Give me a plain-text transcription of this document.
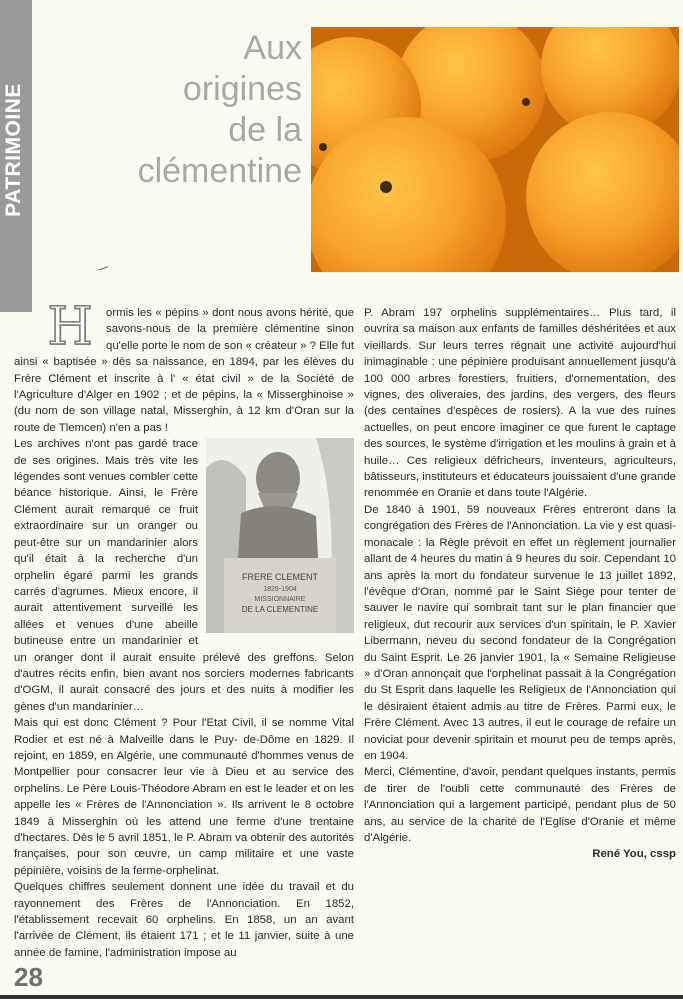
PATRIMOINE
Aux
origines
de la
clémentine

H	ormis les « pépins » dont nous avons hérité, que savons-nous de la première clémentine sinon qu'elle porte le nom de son « créateur » ? Elle fut ainsi « baptisée » dès sa naissance, en 1894, par les élèves du Frère Clément et inscrite à l' « état civil » de la Société de l'Agriculture d'Alger en 1902 ; et de pépins, la « Misserghinoise » (du nom de son village natal, Misserghin, à 12 km d'Oran sur la route de Tlemcen) n'en a pas !

FRERE CLEMENT
1829-1904
MISSIONNAIRE
DE LA CLEMENTINE

Les archives n'ont pas gardé trace de ses origines. Mais très vite les légendes sont venues combler cette béance historique. Ainsi, le Frère Clément aurait remarqué ce fruit extraordinaire sur un oranger ou peut-être sur un mandarinier alors qu'il était à la recherche d'un orphelin égaré parmi les grands carrés d'agrumes. Mieux encore, il aurait attentivement surveillé les allées et venues d'une abeille butineuse entre un mandarinier et un oranger dont il aurait ensuite prélevé des greffons. Selon d'autres récits enfin, bien avant nos sorciers modernes fabricants d'OGM, il aurait consacré des jours et des nuits à modifier les gènes d'un mandarinier…

Mais qui est donc Clément ? Pour l'Etat Civil, il se nomme Vital Rodier et est né à Malveille dans le Puy- de-Dôme en 1829. Il rejoint, en 1859, en Algérie, une communauté d'hommes venus de Montpellier pour consacrer leur vie à Dieu et au service des orphelins. Le Père Louis-Théodore Abram en est le leader et on les appelle les « Frères de l'Annonciation ». Ils arrivent le 8 octobre 1849 à Misserghin où les attend une ferme d'une trentaine d'hectares. Dès le 5 avril 1851, le P. Abram va obtenir des autorités françaises, pour son œuvre, un camp militaire et une vaste pépinière, voisins de la ferme-orphelinat.

Quelques chiffres seulement donnent une idée du travail et du rayonnement des Frères de l'Annonciation. En 1852, l'établissement recevait 60 orphelins. En 1858, un an avant l'arrivée de Clément, ils étaient 171 ; et le 11 janvier, suite à une année de famine, l'administration impose au

P. Abram 197 orphelins supplémentaires… Plus tard, il ouvrira sa maison aux enfants de familles déshéritées et aux vieillards. Sur leurs terres régnait une activité aujourd'hui inimaginable : une pépinière produisant annuellement jusqu'à 100 000 arbres forestiers, fruitiers, d'ornementation, des vignes, des oliveraies, des jardins, des vergers, des fleurs (des centaines d'espèces de rosiers). A la vue des ruines actuelles, on peut encore imaginer ce que furent le captage des sources, le système d'irrigation et les moulins à grain et à huile… Ces religieux défricheurs, inventeurs, agriculteurs, bâtisseurs, instituteurs et éducateurs jouissaient d'une grande renommée en Oranie et dans toute l'Algérie.

De 1840 à 1901, 59 nouveaux Frères entreront dans la congrégation des Frères de l'Annonciation. La vie y est quasi-monacale : la Règle prévoit en effet un règlement journalier allant de 4 heures du matin à 9 heures du soir. Cependant 10 ans après la mort du fondateur survenue le 13 juillet 1892, l'évêque d'Oran, nommé par le Saint Siège pour tenter de sauver le navire qui sombrait tant sur le plan financier que religieux, dut recourir aux services d'un spiritain, le P. Xavier Libermann, neveu du second fondateur de la Congrégation du Saint Esprit. Le 26 janvier 1901, la « Semaine Religieuse » d'Oran annonçait que l'orphelinat passait à la Congrégation du St Esprit dans laquelle les Religieux de l'Annonciation qui le désiraient étaient admis au titre de Frères. Parmi eux, le Frère Clément. Avec 13 autres, il eut le courage de refaire un noviciat pour devenir spiritain et mourut peu de temps après, en 1904.

Merci, Clémentine, d'avoir, pendant quelques instants, permis de tirer de l'oubli cette communauté des Frères de l'Annonciation qui a largement participé, pendant plus de 50 ans, au service de la charité de l'Eglise d'Oranie et même d'Algérie.

René You, cssp

28
